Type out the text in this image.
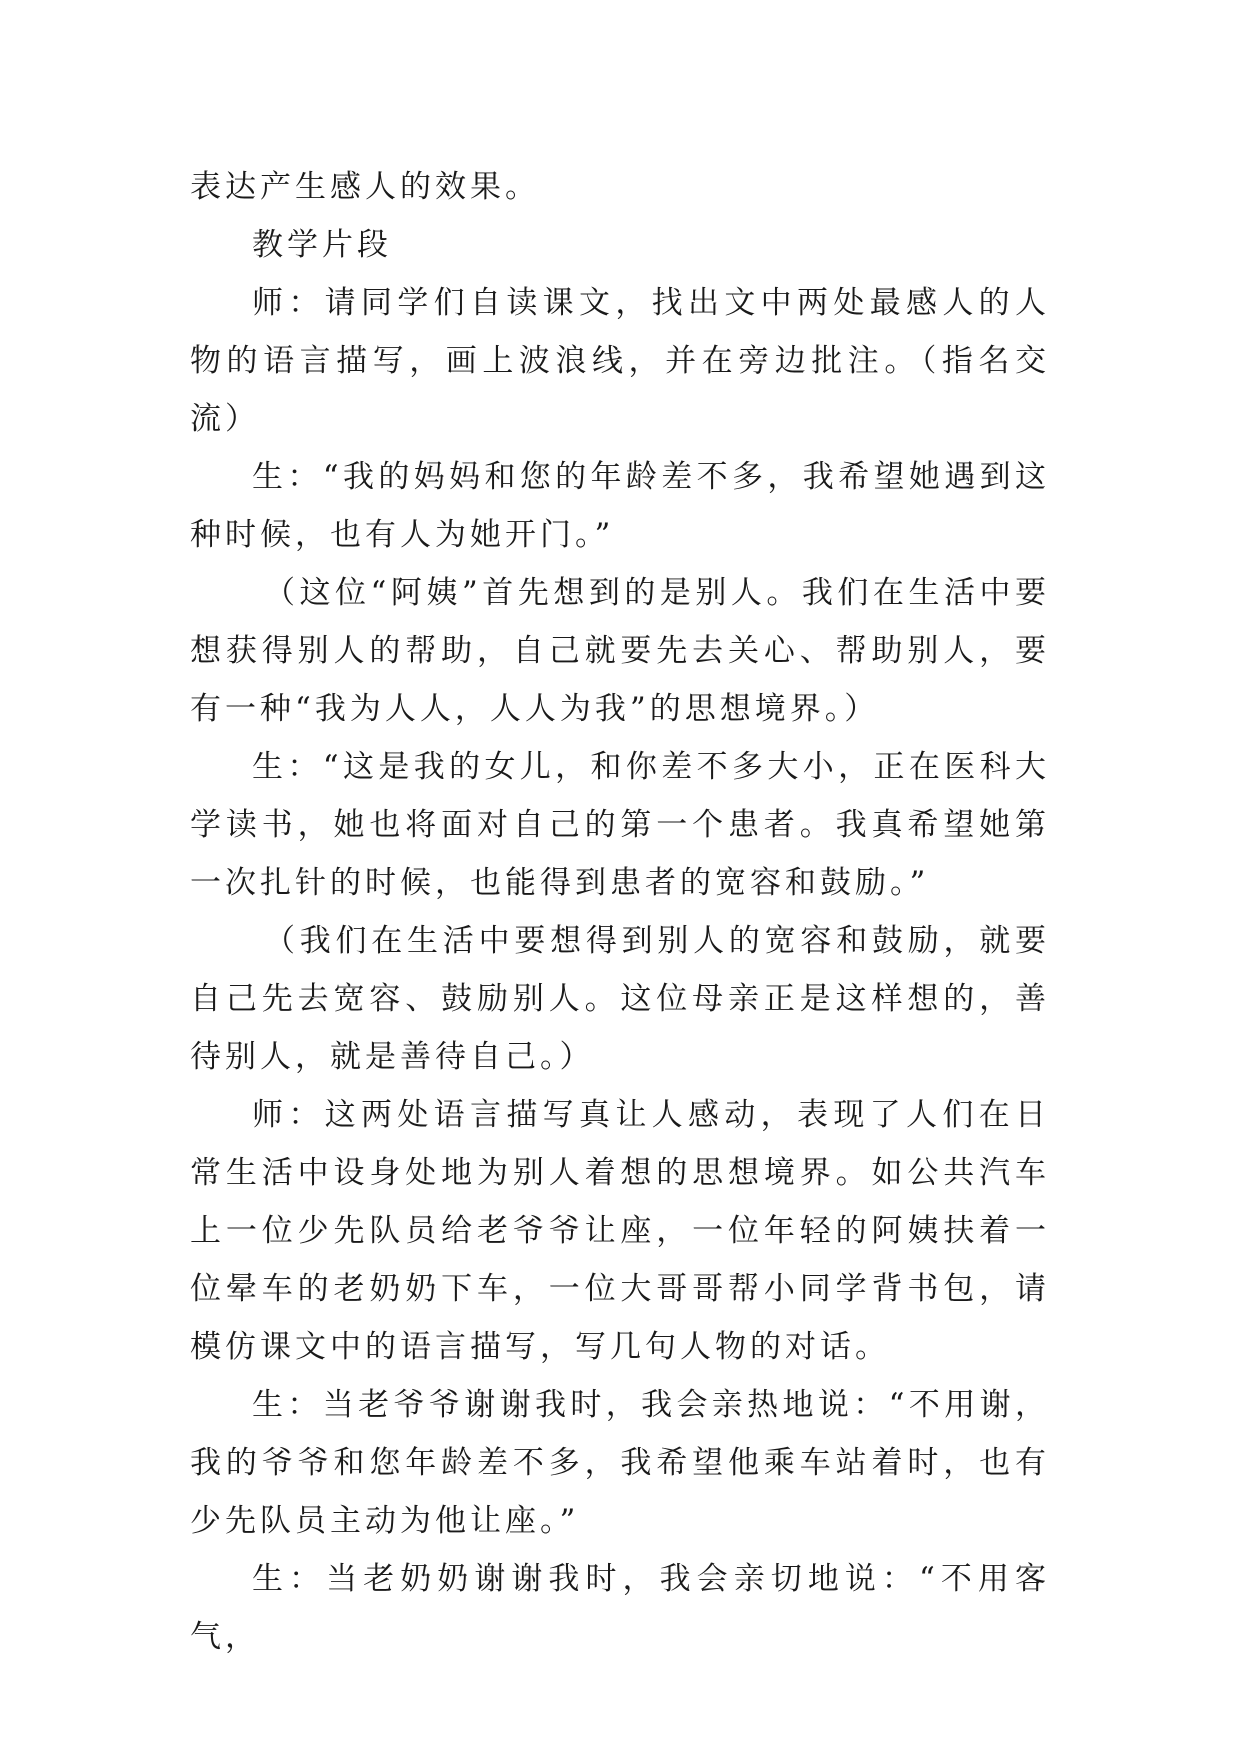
表达产生感人的效果。

教学片段

师：请同学们自读课文，找出文中两处最感人的人物的语言描写，画上波浪线，并在旁边批注。（指名交流）

生：“我的妈妈和您的年龄差不多，我希望她遇到这种时候，也有人为她开门。”

（这位“阿姨”首先想到的是别人。我们在生活中要想获得别人的帮助，自己就要先去关心、帮助别人，要有一种“我为人人，人人为我”的思想境界。）

生：“这是我的女儿，和你差不多大小，正在医科大学读书，她也将面对自己的第一个患者。我真希望她第一次扎针的时候，也能得到患者的宽容和鼓励。”

（我们在生活中要想得到别人的宽容和鼓励，就要自己先去宽容、鼓励别人。这位母亲正是这样想的，善待别人，就是善待自己。）

师：这两处语言描写真让人感动，表现了人们在日常生活中设身处地为别人着想的思想境界。如公共汽车上一位少先队员给老爷爷让座，一位年轻的阿姨扶着一位晕车的老奶奶下车，一位大哥哥帮小同学背书包，请模仿课文中的语言描写，写几句人物的对话。

生：当老爷爷谢谢我时，我会亲热地说：“不用谢，我的爷爷和您年龄差不多，我希望他乘车站着时，也有少先队员主动为他让座。”

生：当老奶奶谢谢我时，我会亲切地说：“不用客气，
